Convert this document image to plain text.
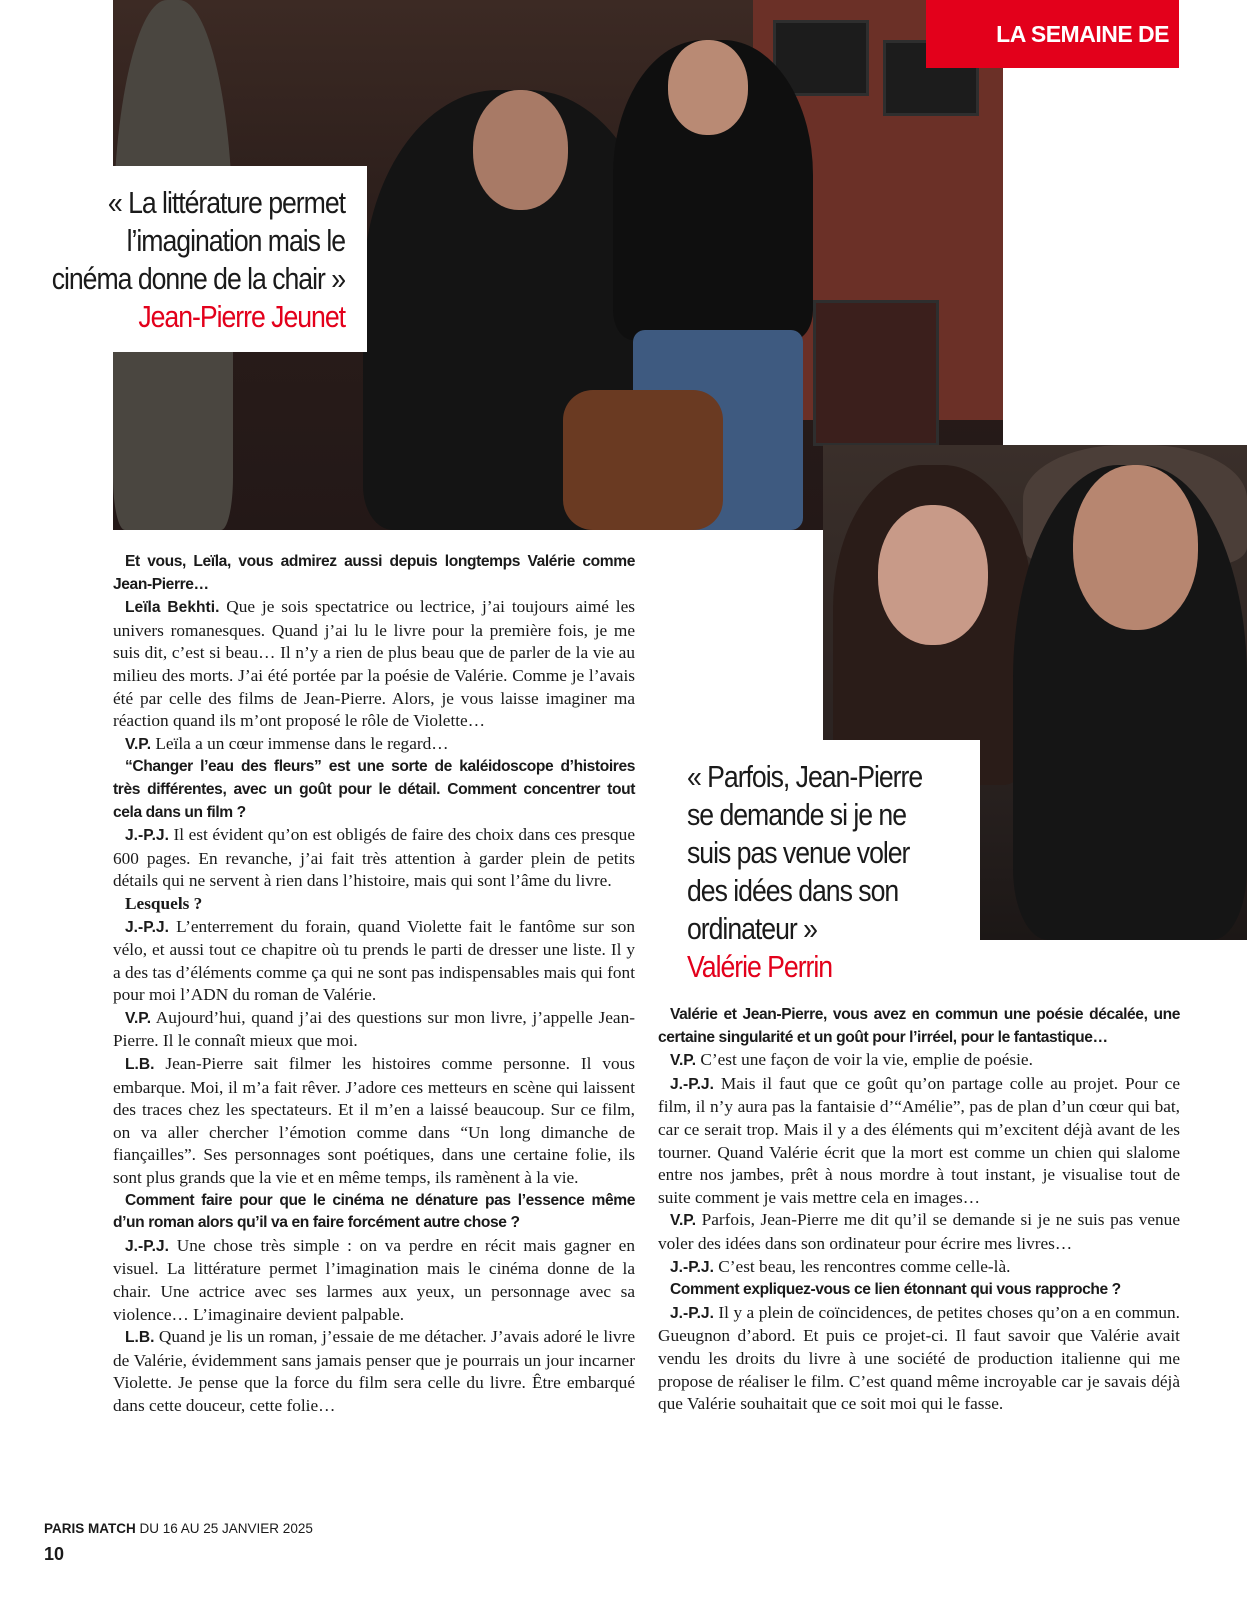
LA SEMAINE DE MATCH
« La littérature permet l’imagination mais le cinéma donne de la chair »
Jean-Pierre Jeunet
« Parfois, Jean-Pierre se demande si je ne suis pas venue voler des idées dans son ordinateur »
Valérie Perrin

Et vous, Leïla, vous admirez aussi depuis longtemps Valérie comme Jean-Pierre…

Leïla Bekhti. Que je sois spectatrice ou lectrice, j’ai toujours aimé les univers romanesques. Quand j’ai lu le livre pour la première fois, je me suis dit, c’est si beau… Il n’y a rien de plus beau que de parler de la vie au milieu des morts. J’ai été portée par la poésie de Valérie. Comme je l’avais été par celle des films de Jean-Pierre. Alors, je vous laisse imaginer ma réaction quand ils m’ont proposé le rôle de Violette…

V.P. Leïla a un cœur immense dans le regard…

“Changer l’eau des fleurs” est une sorte de kaléidoscope d’histoires très différentes, avec un goût pour le détail. Comment concentrer tout cela dans un film ?

J.-P.J. Il est évident qu’on est obligés de faire des choix dans ces presque 600 pages. En revanche, j’ai fait très attention à garder plein de petits détails qui ne servent à rien dans l’histoire, mais qui sont l’âme du livre.

Lesquels ?

J.-P.J. L’enterrement du forain, quand Violette fait le fantôme sur son vélo, et aussi tout ce chapitre où tu prends le parti de dresser une liste. Il y a des tas d’éléments comme ça qui ne sont pas indispensables mais qui font pour moi l’ADN du roman de Valérie.

V.P. Aujourd’hui, quand j’ai des questions sur mon livre, j’appelle Jean-Pierre. Il le connaît mieux que moi.

L.B. Jean-Pierre sait filmer les histoires comme personne. Il vous embarque. Moi, il m’a fait rêver. J’adore ces metteurs en scène qui laissent des traces chez les spectateurs. Et il m’en a laissé beaucoup. Sur ce film, on va aller chercher l’émotion comme dans “Un long dimanche de fiançailles”. Ses personnages sont poétiques, dans une certaine folie, ils sont plus grands que la vie et en même temps, ils ramènent à la vie.

Comment faire pour que le cinéma ne dénature pas l’essence même d’un roman alors qu’il va en faire forcément autre chose ?

J.-P.J. Une chose très simple : on va perdre en récit mais gagner en visuel. La littérature permet l’imagination mais le cinéma donne de la chair. Une actrice avec ses larmes aux yeux, un personnage avec sa violence… L’imaginaire devient palpable.

L.B. Quand je lis un roman, j’essaie de me détacher. J’avais adoré le livre de Valérie, évidemment sans jamais penser que je pourrais un jour incarner Violette. Je pense que la force du film sera celle du livre. Être embarqué dans cette douceur, cette folie…

Valérie et Jean-Pierre, vous avez en commun une poésie décalée, une certaine singularité et un goût pour l’irréel, pour le fantastique…

V.P. C’est une façon de voir la vie, emplie de poésie.

J.-P.J. Mais il faut que ce goût qu’on partage colle au projet. Pour ce film, il n’y aura pas la fantaisie d’“Amélie”, pas de plan d’un cœur qui bat, car ce serait trop. Mais il y a des éléments qui m’excitent déjà avant de les tourner. Quand Valérie écrit que la mort est comme un chien qui slalome entre nos jambes, prêt à nous mordre à tout instant, je visualise tout de suite comment je vais mettre cela en images…

V.P. Parfois, Jean-Pierre me dit qu’il se demande si je ne suis pas venue voler des idées dans son ordinateur pour écrire mes livres…

J.-P.J. C’est beau, les rencontres comme celle-là.

Comment expliquez-vous ce lien étonnant qui vous rapproche ?

J.-P.J. Il y a plein de coïncidences, de petites choses qu’on a en commun. Gueugnon d’abord. Et puis ce projet-ci. Il faut savoir que Valérie avait vendu les droits du livre à une société de production italienne qui me propose de réaliser le film. C’est quand même incroyable car je savais déjà que Valérie souhaitait que ce soit moi qui le fasse.

PARIS MATCH DU 16 AU 25 JANVIER 2025
10
